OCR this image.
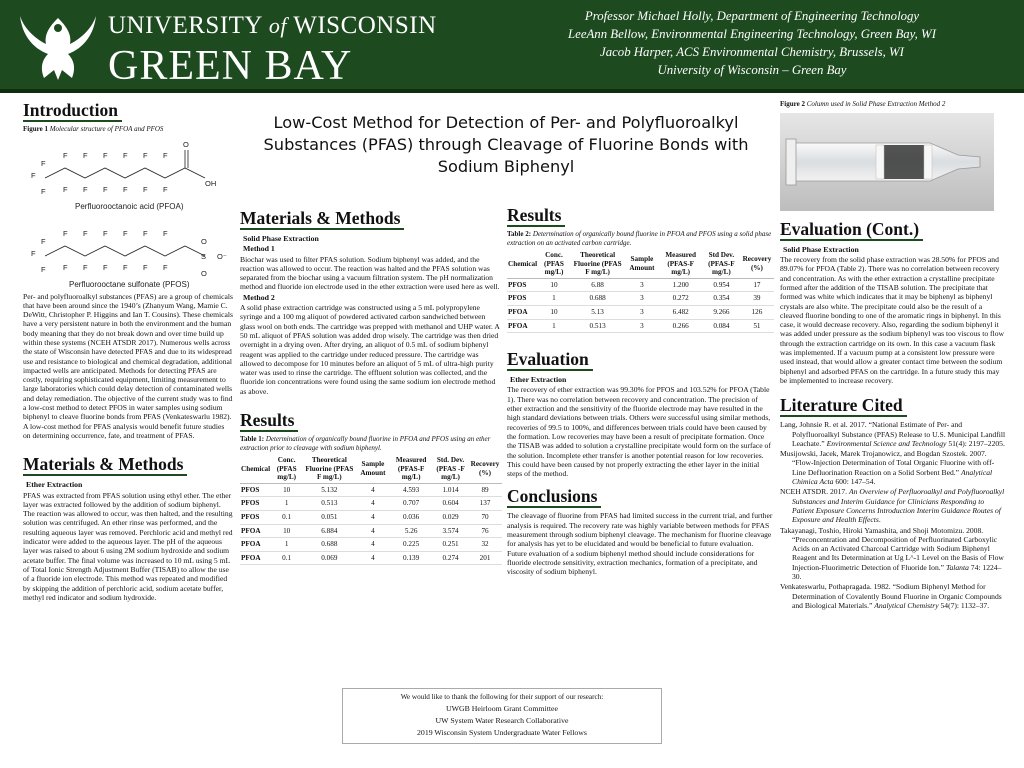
UNIVERSITY of WISCONSIN
GREEN BAY
Professor Michael Holly, Department of Engineering Technology
LeeAnn Bellow, Environmental Engineering Technology, Green Bay, WI
Jacob Harper, ACS Environmental Chemistry, Brussels, WI
University of Wisconsin – Green Bay
Low-Cost Method for Detection of Per- and Polyfluoroalkyl Substances (PFAS) through Cleavage of Fluorine Bonds with Sodium Biphenyl
Introduction
Figure 1 Molecular structure of PFOA and PFOS
O
OH
F
F
F
F
F
F
F
F
F
F
F
F
F
F
F
Perfluorooctanoic acid (PFOA)
F
F
F
F
F
F
F
F
F
F
F
F
F
F
F
S
O
O
O⁻
Perfluorooctane sulfonate (PFOS)
Per- and polyfluoroalkyl substances (PFAS) are a group of chemicals that have been around since the 1940’s (Zhanyum Wang, Mamie C. DeWitt, Christopher P. Higgins and Ian T. Cousins). These chemicals have a very persistent nature in both the environment and the human body meaning that they do not break down and over time build up within these systems (NCEH ATSDR 2017). Numerous wells across the state of Wisconsin have detected PFAS and due to its widespread use and resistance to biological and chemical degradation, additional impacted wells are anticipated. Methods for detecting PFAS are costly, requiring sophisticated equipment, limiting measurement to large laboratories which could delay detection of contaminated wells and delay remediation. The objective of the current study was to find a low-cost method to detect PFOS in water samples using sodium biphenyl to cleave fluorine bonds from PFAS (Venkateswarlu 1982). A low-cost method for PFAS analysis would benefit future studies on determining occurrence, fate, and treatment of PFAS.
Materials & Methods
Ether Extraction
PFAS was extracted from PFAS solution using ethyl ether. The ether layer was extracted followed by the addition of sodium biphenyl. The reaction was allowed to occur, was then halted, and the resulting solution was centrifuged. An ether rinse was performed, and the resulting aqueous layer was removed. Perchloric acid and methyl red indicator were added to the aqueous layer. The pH of the aqueous layer was raised to about 6 using 2M sodium hydroxide and sodium acetate buffer. The final volume was increased to 10 mL using 5 mL of Total Ionic Strength Adjustment Buffer (TISAB) to allow the use of a fluoride ion electrode. This method was repeated and modified by skipping the addition of perchloric acid, sodium acetate buffer, methyl red indicator and sodium hydroxide.
Materials & Methods
Solid Phase Extraction
Method 1
Biochar was used to filter PFAS solution. Sodium biphenyl was added, and the reaction was allowed to occur. The reaction was halted and the PFAS solution was separated from the biochar using a vacuum filtration system. The pH normalization method and fluoride ion electrode used in the ether extraction were used here as well.
Method 2
A solid phase extraction cartridge was constructed using a 5 mL polypropylene syringe and a 100 mg aliquot of powdered activated carbon sandwiched between glass wool on both ends. The cartridge was prepped with methanol and UHP water. A 50 mL aliquot of PFAS solution was added drop wisely. The cartridge was then dried overnight in a drying oven. After drying, an aliquot of 0.5 mL of sodium biphenyl reagent was applied to the cartridge under reduced pressure. The cartridge was allowed to decompose for 10 minutes before an aliquot of 5 mL of ultra-high purity water was used to rinse the cartridge. The effluent solution was collected, and the fluoride ion concentrations were found using the same sodium ion electrode method as above.
Results
Table 1: Determination of organically bound fluorine in PFOA and PFOS using an ether extraction prior to cleavage with sodium biphenyl.
Chemical	Conc. (PFAS mg/L)	Theoretical Fluorine (PFAS F mg/L)	Sample Amount	Measured (PFAS-F mg/L)	Std. Dev. (PFAS -F mg/L)	Recovery (%)
PFOS	10	5.132	4	4.593	1.014	89
PFOS	1	0.513	4	0.707	0.604	137
PFOS	0.1	0.051	4	0.036	0.029	70
PFOA	10	6.884	4	5.26	3.574	76
PFOA	1	0.688	4	0.225	0.251	32
PFOA	0.1	0.069	4	0.139	0.274	201
Results
Table 2: Determination of organically bound fluorine in PFOA and PFOS using a solid phase extraction on an activated carbon cartridge.
Chemical	Conc. (PFAS mg/L)	Theoretical Fluorine (PFAS F mg/L)	Sample Amount	Measured (PFAS-F mg/L)	Std Dev. (PFAS-F mg/L)	Recovery (%)
PFOS	10	6.88	3	1.200	0.954	17
PFOS	1	0.688	3	0.272	0.354	39
PFOA	10	5.13	3	6.482	9.266	126
PFOA	1	0.513	3	0.266	0.084	51
Evaluation
Ether Extraction
The recovery of ether extraction was 99.30% for PFOS and 103.52% for PFOA (Table 1). There was no correlation between recovery and concentration. The precision of ether extraction and the sensitivity of the fluoride electrode may have resulted in the high standard deviations between trials. Others were successful using similar methods, recoveries of 99.5 to 100%, and differences between trials could have been caused by the formation. Low recoveries may have been a result of precipitate formation. Once the TISAB was added to solution a crystalline precipitate would form on the surface of the solution. Incomplete ether transfer is another potential reason for low recoveries. This could have been caused by not properly extracting the ether layer in the initial steps of the method.
Conclusions
The cleavage of fluorine from PFAS had limited success in the current trial, and further analysis is required. The recovery rate was highly variable between methods for PFAS measurement through sodium biphenyl cleavage. The mechanism for fluorine cleavage for analysis has yet to be elucidated and would be beneficial to future evaluation. Future evaluation of a sodium biphenyl method should include considerations for fluoride electrode sensitivity, extraction mechanics, formation of a precipitate, and viscosity of sodium biphenyl.
Figure 2 Column used in Solid Phase Extraction Method 2
Evaluation (Cont.)
Solid Phase Extraction
The recovery from the solid phase extraction was 28.50% for PFOS and 89.07% for PFOA (Table 2). There was no correlation between recovery and concentration. As with the ether extraction a crystalline precipitate formed after the addition of the TISAB solution. The precipitate that formed was white which indicates that it may be biphenyl as biphenyl crystals are also white. The precipitate could also be the result of a cleaved fluorine bonding to one of the aromatic rings in biphenyl. In this case, it would decrease recovery. Also, regarding the sodium biphenyl it was added under pressure as the sodium biphenyl was too viscous to flow through the extraction cartridge on its own. In this case a vacuum flask was implemented. If a vacuum pump at a consistent low pressure were used instead, that would allow a greater contact time between the sodium biphenyl and adsorbed PFAS on the cartridge. In a future study this may be implemented to increase recovery.
Literature Cited
Lang, Johnsie R. et al. 2017. “National Estimate of Per- and Polyfluoroalkyl Substance (PFAS) Release to U.S. Municipal Landfill Leachate.” Environmental Science and Technology 51(4): 2197–2205.
Musijowski, Jacek, Marek Trojanowicz, and Bogdan Szostek. 2007. “Flow-Injection Determination of Total Organic Fluorine with off-Line Defluorination Reaction on a Solid Sorbent Bed.” Analytical Chimica Acta 600: 147–54.
NCEH ATSDR. 2017. An Overview of Perfluoroalkyl and Polyfluoroalkyl Substances and Interim Guidance for Clinicians Responding to Patient Exposure Concerns Introduction Interim Guidance Routes of Exposure and Health Effects.
Takayanagi, Toshio, Hiroki Yamashita, and Shoji Motomizu. 2008. “Preconcentration and Decomposition of Perfluorinated Carboxylic Acids on an Activated Charcoal Cartridge with Sodium Biphenyl Reagent and Its Determination at Ug L^-1 Level on the Basis of Flow Injection-Fluorimetric Detection of Fluoride Ion.” Talanta 74: 1224–30.
Venkateswarlu, Pothapragada. 1982. “Sodium Biphenyl Method for Determination of Covalently Bound Fluorine in Organic Compounds and Biological Materials.” Analytical Chemistry 54(7): 1132–37.
We would like to thank the following for their support of our research:
UWGB Heirloom Grant Committee
UW System Water Research Collaborative
2019 Wisconsin System Undergraduate Water Fellows
